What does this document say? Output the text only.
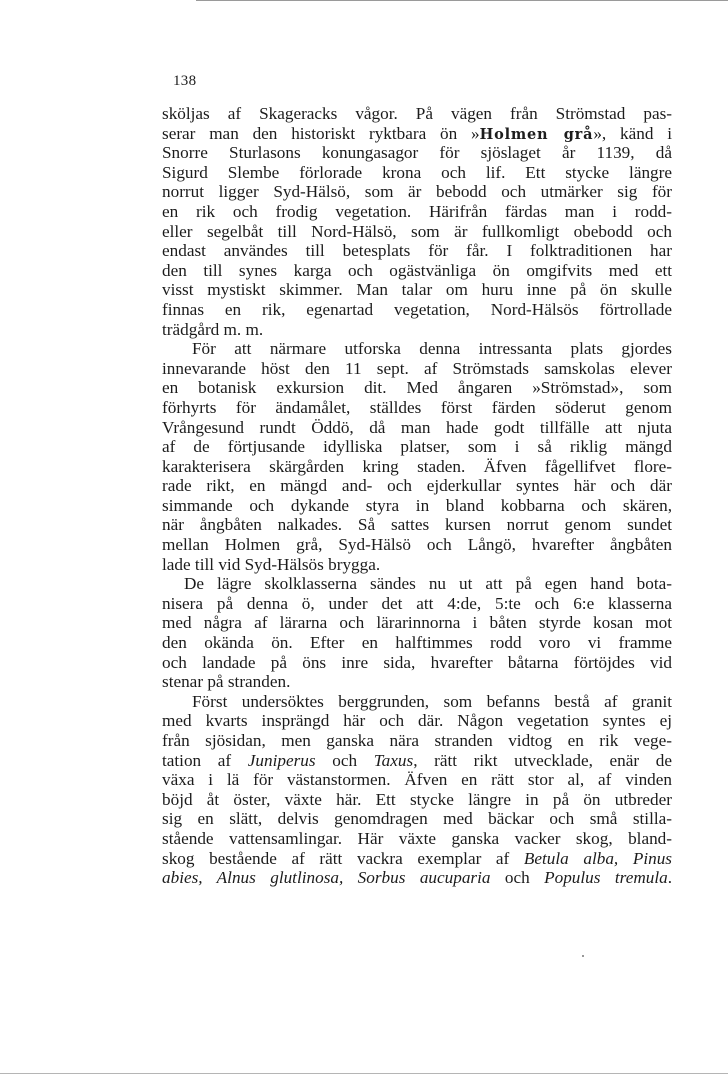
138
sköljas af Skageracks vågor. På vägen från Strömstad pas-
serar man den historiskt ryktbara ön »Holmen grå», känd i
Snorre Sturlasons konungasagor för sjöslaget år 1139, då
Sigurd Slembe förlorade krona och lif. Ett stycke längre
norrut ligger Syd-Hälsö, som är bebodd och utmärker sig för
en rik och frodig vegetation. Härifrån färdas man i rodd-
eller segelbåt till Nord-Hälsö, som är fullkomligt obebodd och
endast användes till betesplats för får. I folktraditionen har
den till synes karga och ogästvänliga ön omgifvits med ett
visst mystiskt skimmer. Man talar om huru inne på ön skulle
finnas en rik, egenartad vegetation, Nord-Hälsös förtrollade
trädgård m. m.
För att närmare utforska denna intressanta plats gjordes
innevarande höst den 11 sept. af Strömstads samskolas elever
en botanisk exkursion dit. Med ångaren »Strömstad», som
förhyrts för ändamålet, ställdes först färden söderut genom
Vrångesund rundt Öddö, då man hade godt tillfälle att njuta
af de förtjusande idylliska platser, som i så riklig mängd
karakterisera skärgården kring staden. Äfven fågellifvet flore-
rade rikt, en mängd and- och ejderkullar syntes här och där
simmande och dykande styra in bland kobbarna och skären,
när ångbåten nalkades. Så sattes kursen norrut genom sundet
mellan Holmen grå, Syd-Hälsö och Långö, hvarefter ångbåten
lade till vid Syd-Hälsös brygga.
De lägre skolklasserna sändes nu ut att på egen hand bota-
nisera på denna ö, under det att 4:de, 5:te och 6:e klasserna
med några af lärarna och lärarinnorna i båten styrde kosan mot
den okända ön. Efter en halftimmes rodd voro vi framme
och landade på öns inre sida, hvarefter båtarna förtöjdes vid
stenar på stranden.
Först undersöktes berggrunden, som befanns bestå af granit
med kvarts insprängd här och där. Någon vegetation syntes ej
från sjösidan, men ganska nära stranden vidtog en rik vege-
tation af Juniperus och Taxus, rätt rikt utvecklade, enär de
växa i lä för västanstormen. Äfven en rätt stor al, af vinden
böjd åt öster, växte här. Ett stycke längre in på ön utbreder
sig en slätt, delvis genomdragen med bäckar och små stilla-
stående vattensamlingar. Här växte ganska vacker skog, bland-
skog bestående af rätt vackra exemplar af Betula alba, Pinus
abies, Alnus glutlinosa, Sorbus aucuparia och Populus tremula.
